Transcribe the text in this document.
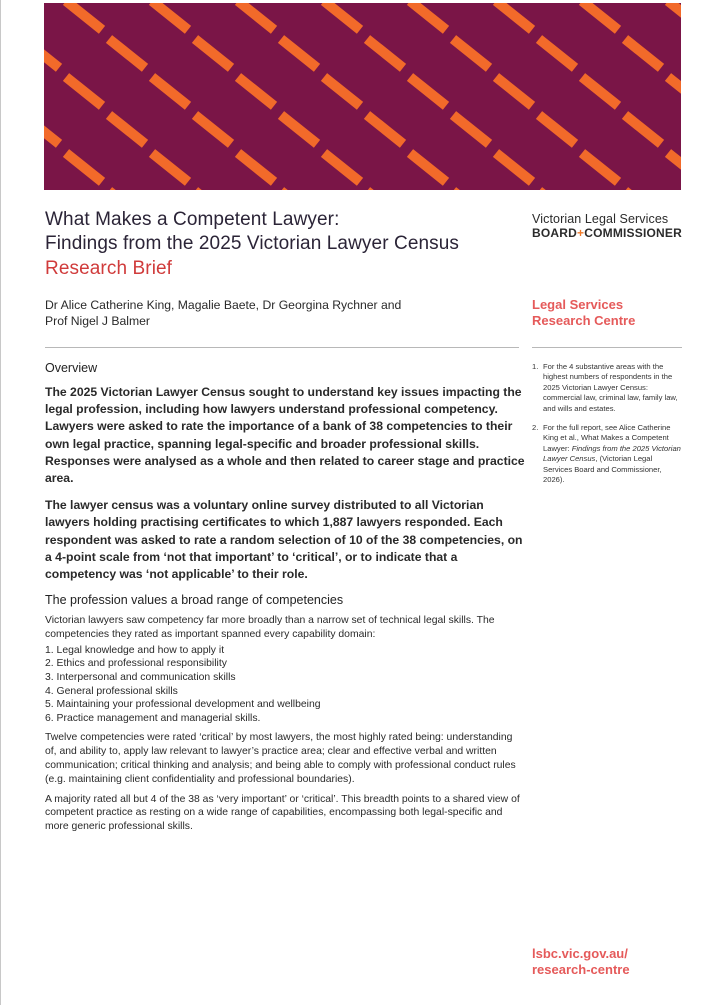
What Makes a Competent Lawyer:
Findings from the 2025 Victorian Lawyer Census
Research Brief
Victorian Legal Services
BOARD+COMMISSIONER
Dr Alice Catherine King, Magalie Baete, Dr Georgina Rychner and
Prof Nigel J Balmer
Legal Services
Research Centre
Overview

The 2025 Victorian Lawyer Census sought to understand key issues impacting the legal profession, including how lawyers understand professional competency. Lawyers were asked to rate the importance of a bank of 38 competencies to their own legal practice, spanning legal-specific and broader professional skills. Responses were analysed as a whole and then related to career stage and practice area.

The lawyer census was a voluntary online survey distributed to all Victorian lawyers holding practising certificates to which 1,887 lawyers responded. Each respondent was asked to rate a random selection of 10 of the 38 competencies, on a 4-point scale from ‘not that important’ to ‘critical’, or to indicate that a competency was ‘not applicable’ to their role.

The profession values a broad range of competencies

Victorian lawyers saw competency far more broadly than a narrow set of technical legal skills. The competencies they rated as important spanned every capability domain:

1. Legal knowledge and how to apply it
2. Ethics and professional responsibility
3. Interpersonal and communication skills
4. General professional skills
5. Maintaining your professional development and wellbeing
6. Practice management and managerial skills.

Twelve competencies were rated ‘critical’ by most lawyers, the most highly rated being: understanding of, and ability to, apply law relevant to lawyer’s practice area; clear and effective verbal and written communication; critical thinking and analysis; and being able to comply with professional conduct rules (e.g. maintaining client confidentiality and professional boundaries).

A majority rated all but 4 of the 38 as ‘very important’ or ‘critical’. This breadth points to a shared view of competent practice as resting on a wide range of capabilities, encompassing both legal-specific and more generic professional skills.

1. For the 4 substantive areas with the highest numbers of respondents in the 2025 Victorian Lawyer Census: commercial law, criminal law, family law, and wills and estates.
2. For the full report, see Alice Catherine King et al., What Makes a Competent Lawyer: Findings from the 2025 Victorian Lawyer Census, (Victorian Legal Services Board and Commissioner, 2026).
lsbc.vic.gov.au/
research-centre
